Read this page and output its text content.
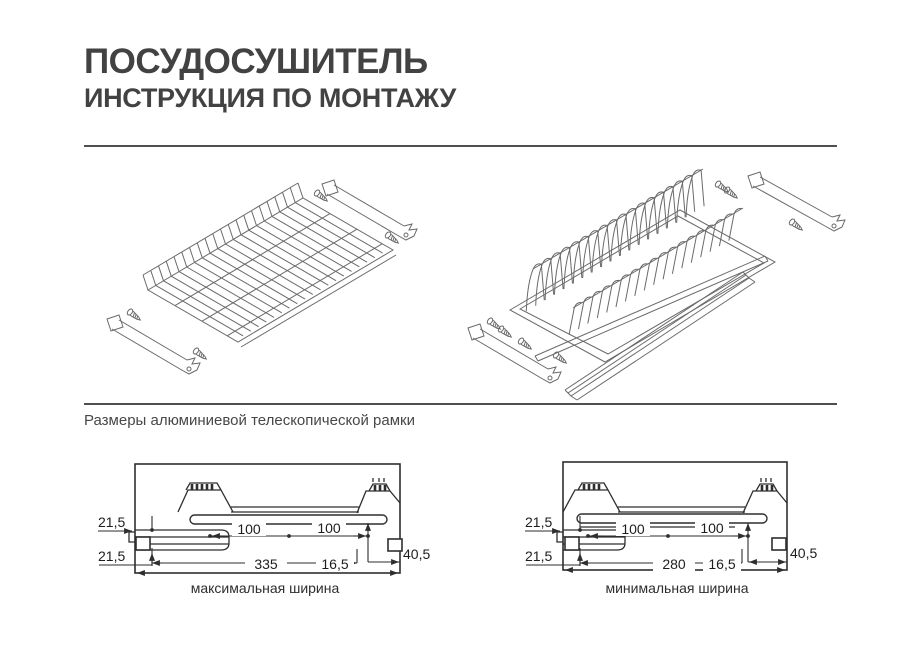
ПОСУДОСУШИТЕЛЬ
ИНСТРУКЦИЯ ПО МОНТАЖУ
Размеры алюминиевой телескопической рамки
21,5
21,5
100	100
335	16,5
40,5
21,5
21,5
100	100
280 16,5
40,5
максимальная ширина	минимальная ширина
